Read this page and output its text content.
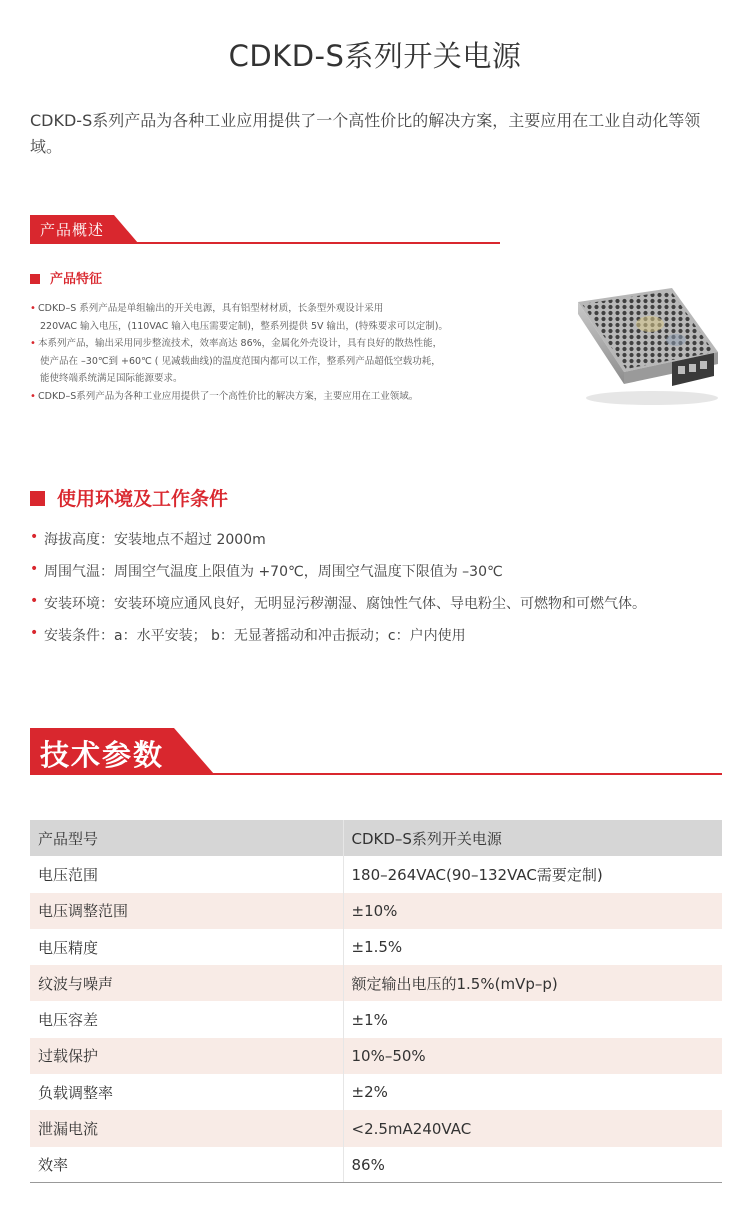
CDKD-S系列开关电源
CDKD-S系列产品为各种工业应用提供了一个高性价比的解决方案，主要应用在工业自动化等领域。
产品概述
产品特征
• CDKD–S 系列产品是单组输出的开关电源，具有铝型材材质，长条型外观设计采用
220VAC 输入电压，(110VAC 输入电压需要定制)，整系列提供 5V 输出，(特殊要求可以定制)。
• 本系列产品，输出采用同步整流技术，效率高达 86%，金属化外壳设计，具有良好的散热性能，
使产品在 –30℃到 +60℃ ( 见减载曲线)的温度范围内都可以工作，整系列产品超低空载功耗，
能使终端系统满足国际能源要求。
• CDKD–S系列产品为各种工业应用提供了一个高性价比的解决方案，主要应用在工业领域。
使用环境及工作条件
• 海拔高度：安装地点不超过 2000m
• 周围气温：周围空气温度上限值为 +70℃，周围空气温度下限值为 –30℃
• 安装环境：安装环境应通风良好，无明显污秽潮湿、腐蚀性气体、导电粉尘、可燃物和可燃气体。
• 安装条件：a：水平安装； b：无显著摇动和冲击振动；c：户内使用
技术参数
产品型号	CDKD–S系列开关电源
电压范围	180–264VAC(90–132VAC需要定制)
电压调整范围	±10%
电压精度	±1.5%
纹波与噪声	额定输出电压的1.5%(mVp–p)
电压容差	±1%
过载保护	10%–50%
负载调整率	±2%
泄漏电流	<2.5mA240VAC
效率	86%
